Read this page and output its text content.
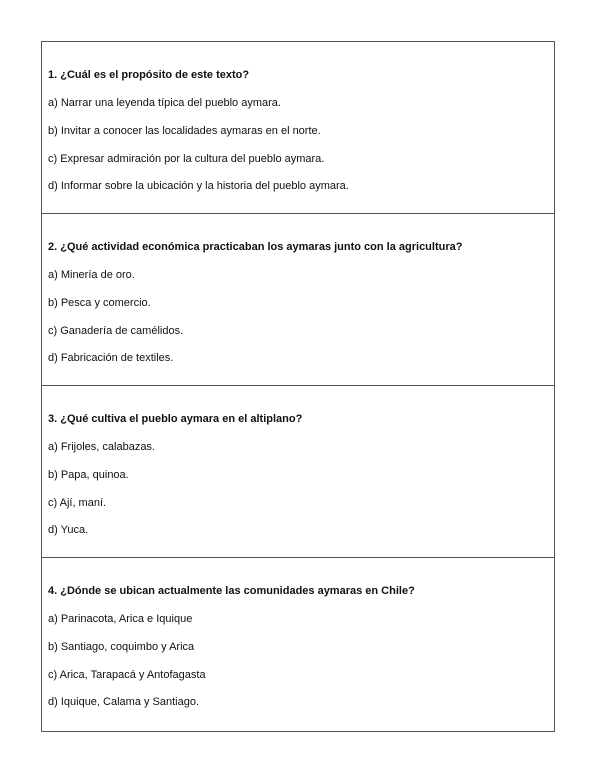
1. ¿Cuál es el propósito de este texto?
a) Narrar una leyenda típica del pueblo aymara.
b) Invitar a conocer las localidades aymaras en el norte.
c) Expresar admiración por la cultura del pueblo aymara.
d) Informar sobre la ubicación y la historia del pueblo aymara.
2. ¿Qué actividad económica practicaban los aymaras junto con la agricultura?
a) Minería de oro.
b) Pesca y comercio.
c) Ganadería de camélidos.
d) Fabricación de textiles.
3. ¿Qué cultiva el pueblo aymara en el altiplano?
a) Frijoles, calabazas.
b) Papa, quinoa.
c) Ají, maní.
d) Yuca.
4. ¿Dónde se ubican actualmente las comunidades aymaras en Chile?
a) Parinacota, Arica e Iquique
b) Santiago, coquimbo y Arica
c) Arica, Tarapacá y Antofagasta
d) Iquique, Calama y Santiago.
